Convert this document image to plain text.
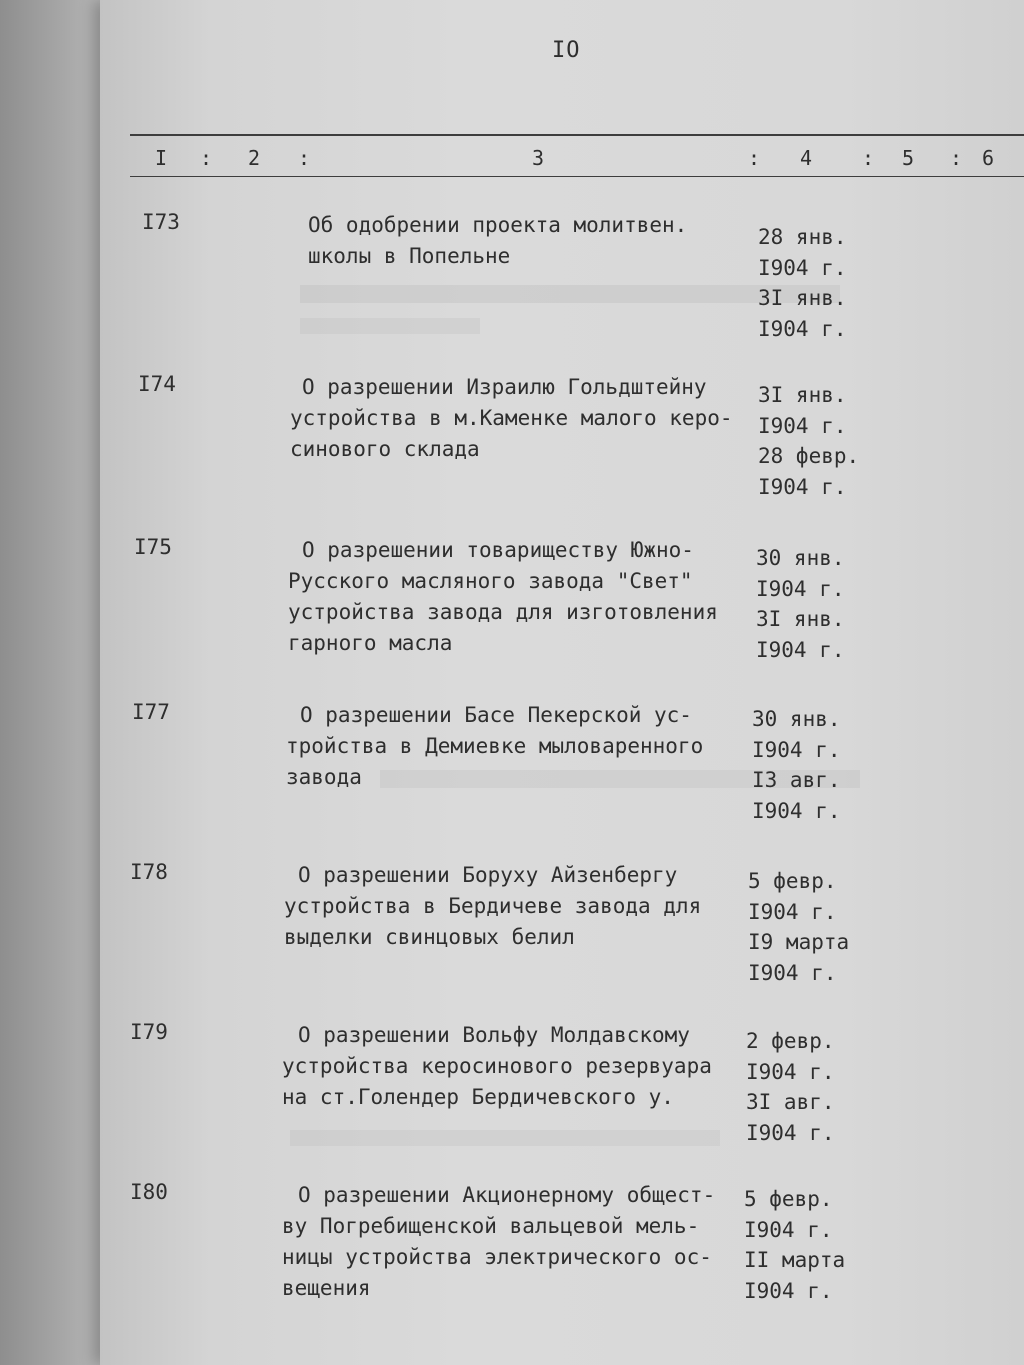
IO
I : 2 :	3	: 4 : 5 : 6
I73	Об одобрении проекта молитвен.
школы в Попельне
28 янв.
I904 г.
3I янв.
I904 г.
I74	О разрешении Израилю Гольдштейну
устройства в м.Каменке малого керо-
синового склада
3I янв.
I904 г.
28 февр.
I904 г.
I75	О разрешении товариществу Южно-
Русского масляного завода "Свет"
устройства завода для изготовления
гарного масла
30 янв.
I904 г.
3I янв.
I904 г.
I77	О разрешении Басе Пекерской ус-
тройства в Демиевке мыловаренного
завода
30 янв.
I904 г.
I3 авг.
I904 г.
I78	О разрешении Боруху Айзенбергу
устройства в Бердичеве завода для
выделки свинцовых белил
5 февр.
I904 г.
I9 марта
I904 г.
I79	О разрешении Вольфу Молдавскому
устройства керосинового резервуара
на ст.Голендер Бердичевского у.
2 февр.
I904 г.
3I авг.
I904 г.
I80	О разрешении Акционерному общест-
ву Погребищенской вальцевой мель-
ницы устройства электрического ос-
вещения
5 февр.
I904 г.
II марта
I904 г.
